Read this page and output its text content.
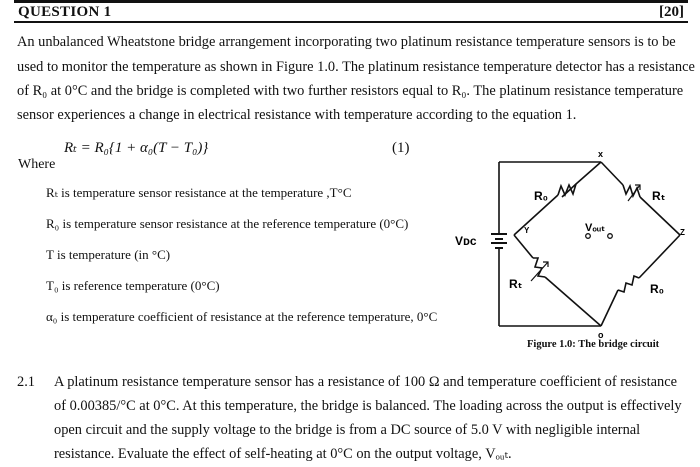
QUESTION 1	[20]
An unbalanced Wheatstone bridge arrangement incorporating two platinum resistance temperature sensors is to be
used to monitor the temperature as shown in Figure 1.0. The platinum resistance temperature detector has a resistance
of R₀ at 0°C and the bridge is completed with two further resistors equal to R₀. The platinum resistance temperature
sensor experiences a change in electrical resistance with temperature according to the equation 1.
Rₜ = R₀{1 + α₀(T − T₀)}	(1)
Where
Rₜ is temperature sensor resistance at the temperature ,T°C
R₀ is temperature sensor resistance at the reference temperature (0°C)
T is temperature (in °C)
T₀ is reference temperature (0°C)
α₀ is temperature coefficient of resistance at the reference temperature, 0°C
x
Y	Z
o
R₀	Rₜ
Rₜ	R₀
Vₒᵤₜ
Vᴅᴄ
Figure 1.0: The bridge circuit
2.1 A platinum resistance temperature sensor has a resistance of 100 Ω and temperature coefficient of resistance
of 0.00385/°C at 0°C. At this temperature, the bridge is balanced. The loading across the output is effectively
open circuit and the supply voltage to the bridge is from a DC source of 5.0 V with negligible internal
resistance. Evaluate the effect of self-heating at 0°C on the output voltage, Vₒᵤₜ.
